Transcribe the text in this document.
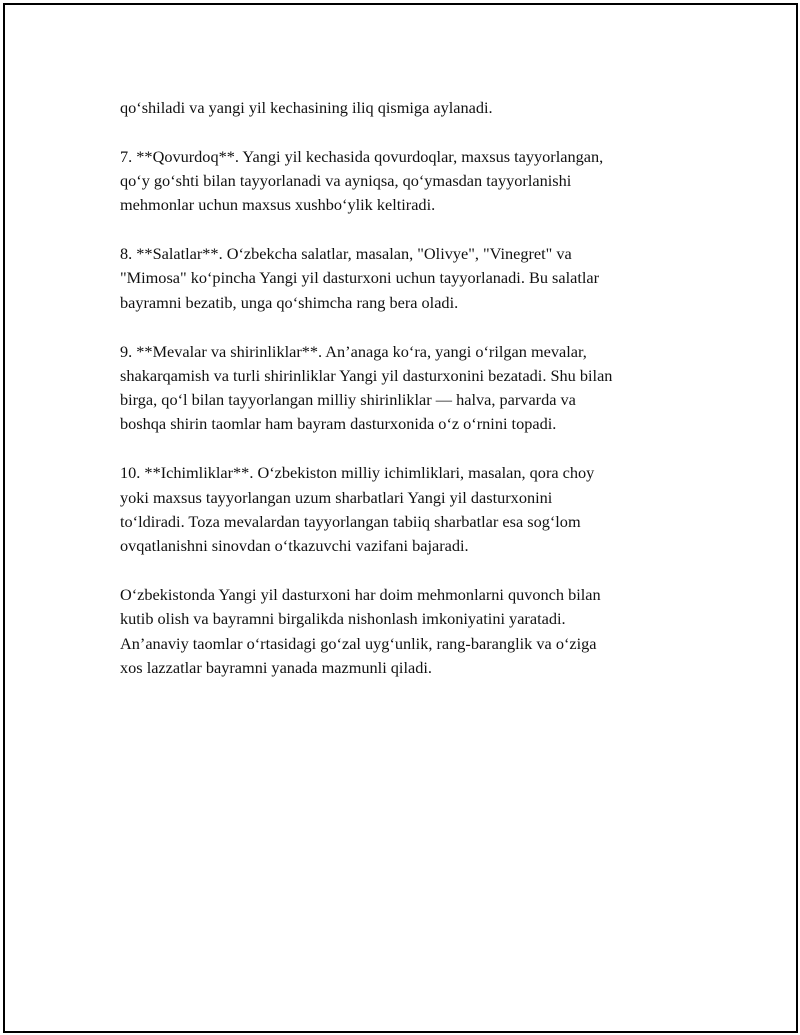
qo‘shiladi va yangi yil kechasining iliq qismiga aylanadi.

7. **Qovurdoq**. Yangi yil kechasida qovurdoqlar, maxsus tayyorlangan,
qo‘y go‘shti bilan tayyorlanadi va ayniqsa, qo‘ymasdan tayyorlanishi
mehmonlar uchun maxsus xushbo‘ylik keltiradi.

8. **Salatlar**. O‘zbekcha salatlar, masalan, "Olivye", "Vinegret" va
"Mimosa" ko‘pincha Yangi yil dasturxoni uchun tayyorlanadi. Bu salatlar
bayramni bezatib, unga qo‘shimcha rang bera oladi.

9. **Mevalar va shirinliklar**. An’anaga ko‘ra, yangi o‘rilgan mevalar,
shakarqamish va turli shirinliklar Yangi yil dasturxonini bezatadi. Shu bilan
birga, qo‘l bilan tayyorlangan milliy shirinliklar — halva, parvarda va
boshqa shirin taomlar ham bayram dasturxonida o‘z o‘rnini topadi.

10. **Ichimliklar**. O‘zbekiston milliy ichimliklari, masalan, qora choy
yoki maxsus tayyorlangan uzum sharbatlari Yangi yil dasturxonini
to‘ldiradi. Toza mevalardan tayyorlangan tabiiq sharbatlar esa sog‘lom
ovqatlanishni sinovdan o‘tkazuvchi vazifani bajaradi.

O‘zbekistonda Yangi yil dasturxoni har doim mehmonlarni quvonch bilan
kutib olish va bayramni birgalikda nishonlash imkoniyatini yaratadi.
An’anaviy taomlar o‘rtasidagi go‘zal uyg‘unlik, rang-baranglik va o‘ziga
xos lazzatlar bayramni yanada mazmunli qiladi.
